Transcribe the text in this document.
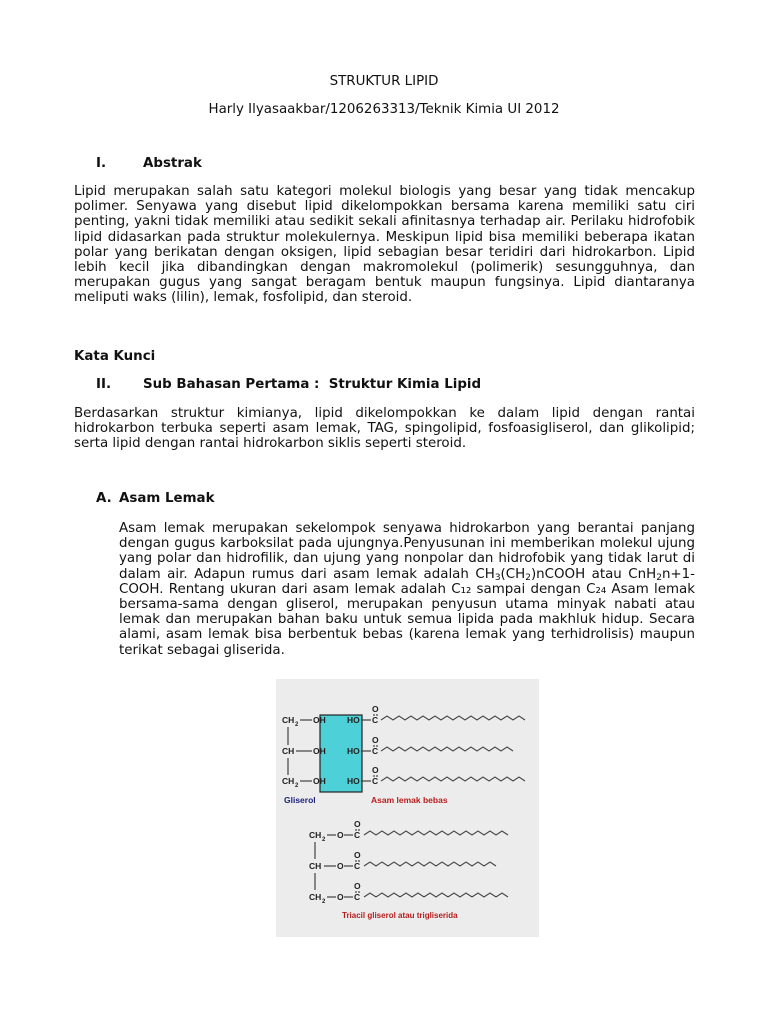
STRUKTUR LIPID
Harly Ilyasaakbar/1206263313/Teknik Kimia UI 2012
I.	Abstrak
Lipid merupakan salah satu kategori molekul biologis yang besar yang tidak mencakup polimer. Senyawa yang disebut lipid dikelompokkan bersama karena memiliki satu ciri penting, yakni tidak memiliki atau sedikit sekali afinitasnya terhadap air. Perilaku hidrofobik lipid didasarkan pada struktur molekulernya. Meskipun lipid bisa memiliki beberapa ikatan polar yang berikatan dengan oksigen, lipid sebagian besar teridiri dari hidrokarbon. Lipid lebih kecil jika dibandingkan dengan makromolekul (polimerik) sesungguhnya, dan merupakan gugus yang sangat beragam bentuk maupun fungsinya. Lipid diantaranya meliputi waks (lilin), lemak, fosfolipid, dan steroid.
Kata Kunci
II. Sub Bahasan Pertama :  Struktur Kimia Lipid
Berdasarkan struktur kimianya, lipid dikelompokkan ke dalam lipid dengan rantai hidrokarbon terbuka seperti asam lemak, TAG, spingolipid, fosfoasigliserol, dan glikolipid; serta lipid dengan rantai hidrokarbon siklis seperti steroid.
A. Asam Lemak
Asam lemak merupakan sekelompok senyawa hidrokarbon yang berantai panjang dengan gugus karboksilat pada ujungnya.Penyusunan ini memberikan molekul ujung yang polar dan hidrofilik, dan ujung yang nonpolar dan hidrofobik yang tidak larut di dalam air. Adapun rumus dari asam lemak adalah $CH_3(CH_2)nCOOH$ atau CnH$_2$n+1-COOH. Rentang ukuran dari asam lemak adalah C₁₂ sampai dengan C₂₄ Asam lemak bersama-sama dengan gliserol, merupakan penyusun utama minyak nabati atau lemak dan merupakan bahan baku untuk semua lipida pada makhluk hidup. Secara alami, asam lemak bisa berbentuk bebas (karena lemak yang terhidrolisis) maupun terikat sebagai gliserida.
CH 2 OH
CH OH
CH 2 OH
HO C
O
HO C
O
HO C
O
Gliserol	Asam lemak bebas
CH 2 O C
O
CH O C
O
CH 2 O C
O
Triacil gliserol atau trigliserida
